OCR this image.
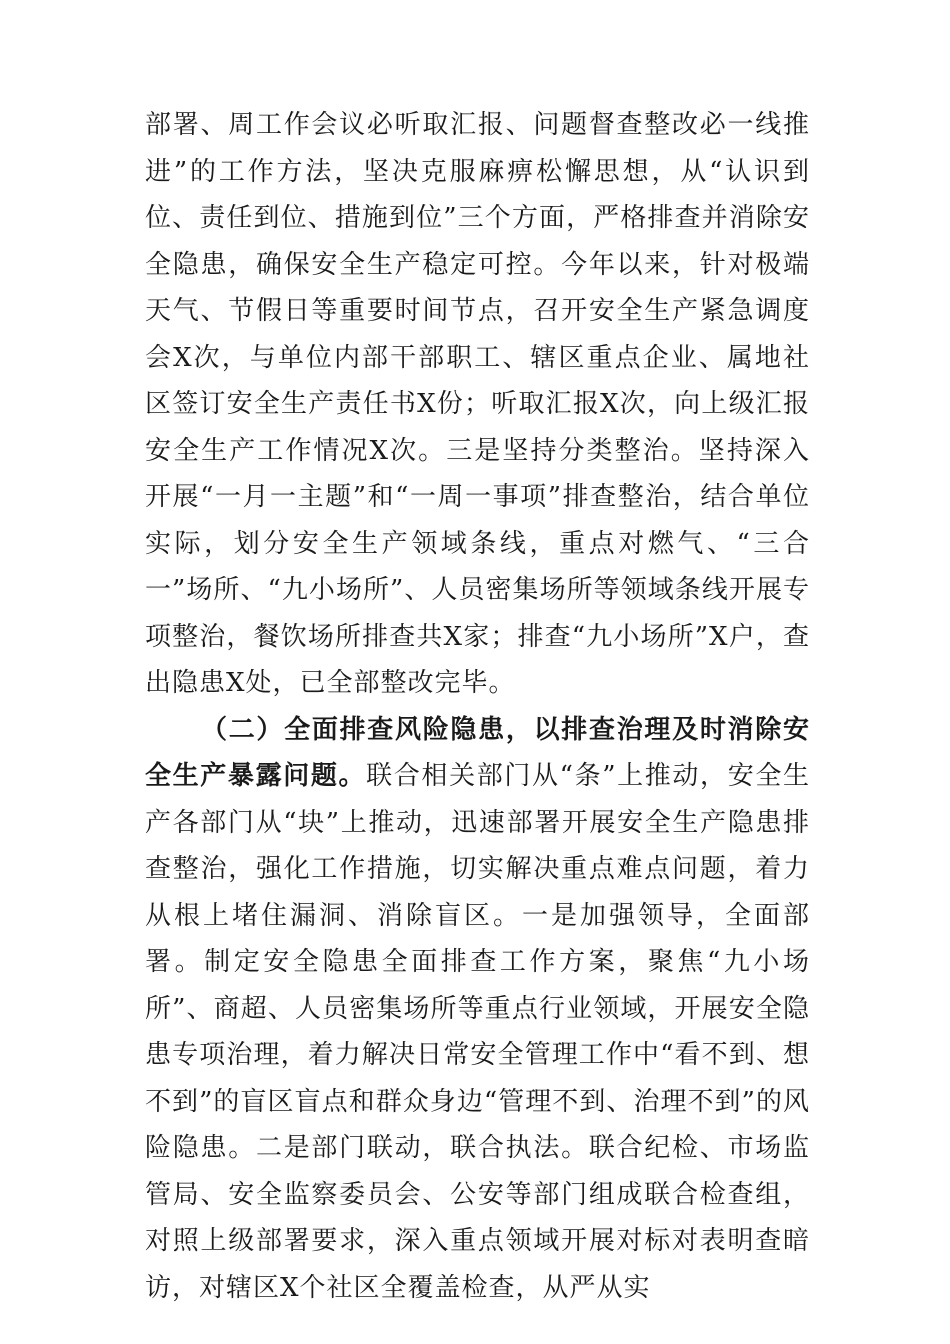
部署、周工作会议必听取汇报、问题督查整改必一线推进”的工作方法，坚决克服麻痹松懈思想，从“认识到位、责任到位、措施到位”三个方面，严格排查并消除安全隐患，确保安全生产稳定可控。今年以来，针对极端天气、节假日等重要时间节点，召开安全生产紧急调度会X次，与单位内部干部职工、辖区重点企业、属地社区签订安全生产责任书X份；听取汇报X次，向上级汇报安全生产工作情况X次。三是坚持分类整治。坚持深入开展“一月一主题”和“一周一事项”排查整治，结合单位实际，划分安全生产领域条线，重点对燃气、“三合一”场所、“九小场所”、人员密集场所等领域条线开展专项整治，餐饮场所排查共X家；排查“九小场所”X户，查出隐患X处，已全部整改完毕。

（二）全面排查风险隐患，以排查治理及时消除安全生产暴露问题。联合相关部门从“条”上推动，安全生产各部门从“块”上推动，迅速部署开展安全生产隐患排查整治，强化工作措施，切实解决重点难点问题，着力从根上堵住漏洞、消除盲区。一是加强领导，全面部署。制定安全隐患全面排查工作方案，聚焦“九小场所”、商超、人员密集场所等重点行业领域，开展安全隐患专项治理，着力解决日常安全管理工作中“看不到、想不到”的盲区盲点和群众身边“管理不到、治理不到”的风险隐患。二是部门联动，联合执法。联合纪检、市场监管局、安全监察委员会、公安等部门组成联合检查组，对照上级部署要求，深入重点领域开展对标对表明查暗访，对辖区X个社区全覆盖检查，从严从实
